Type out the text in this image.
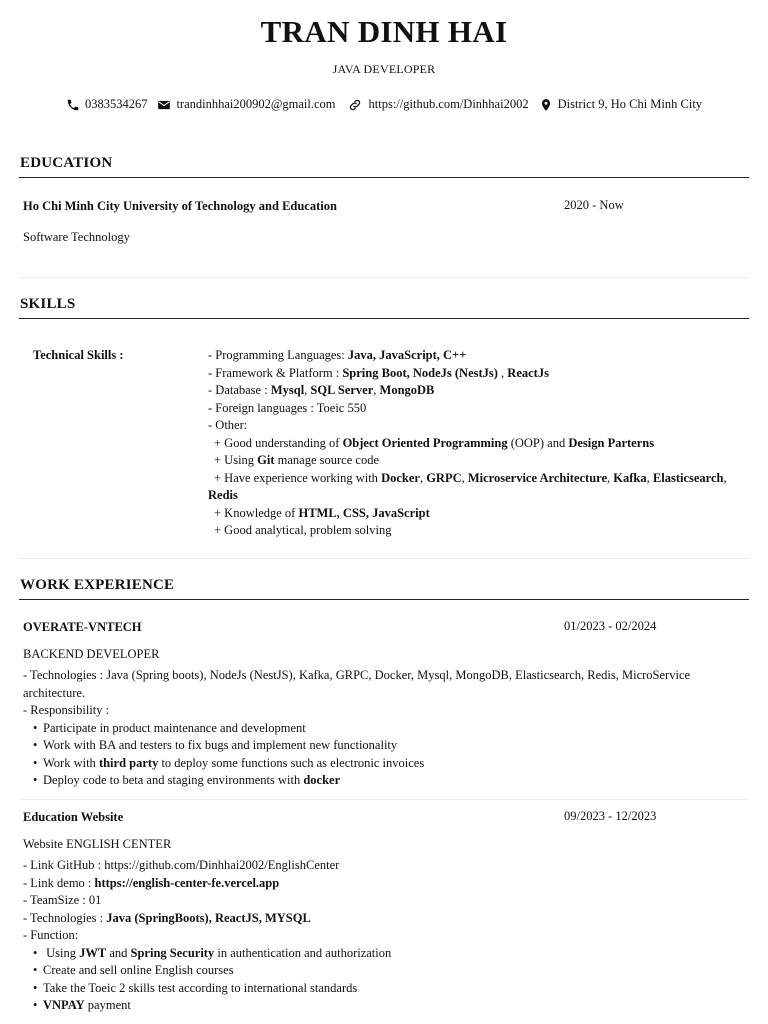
TRAN DINH HAI
JAVA DEVELOPER
0383534267 trandinhhai200902@gmail.com	https://github.com/Dinhhai2002 District 9, Ho Chi Minh City
EDUCATION
Ho Chi Minh City University of Technology and Education	2020 - Now
Software Technology
SKILLS
Technical Skills :	- Programming Languages: Java, JavaScript, C++
- Framework & Platform : Spring Boot, NodeJs (NestJs) , ReactJs
- Database : Mysql, SQL Server, MongoDB
- Foreign languages : Toeic 550
- Other:
+ Good understanding of Object Oriented Programming (OOP) and Design Parterns
+ Using Git manage source code
+ Have experience working with Docker, GRPC, Microservice Architecture, Kafka, Elasticsearch,
Redis
+ Knowledge of HTML, CSS, JavaScript
+ Good analytical, problem solving
WORK EXPERIENCE
OVERATE-VNTECH	01/2023 - 02/2024
BACKEND DEVELOPER
- Technologies : Java (Spring boots), NodeJs (NestJS), Kafka, GRPC, Docker, Mysql, MongoDB, Elasticsearch, Redis, MicroService
architecture.
- Responsibility :
• Participate in product maintenance and development
• Work with BA and testers to fix bugs and implement new functionality
• Work with third party to deploy some functions such as electronic invoices
• Deploy code to beta and staging environments with docker
Education Website	09/2023 - 12/2023
Website ENGLISH CENTER
- Link GitHub : https://github.com/Dinhhai2002/EnglishCenter
- Link demo : https://english-center-fe.vercel.app
- TeamSize : 01
- Technologies : Java (SpringBoots), ReactJS, MYSQL
- Function:
• Using JWT and Spring Security in authentication and authorization
• Create and sell online English courses
• Take the Toeic 2 skills test according to international standards
• VNPAY payment
